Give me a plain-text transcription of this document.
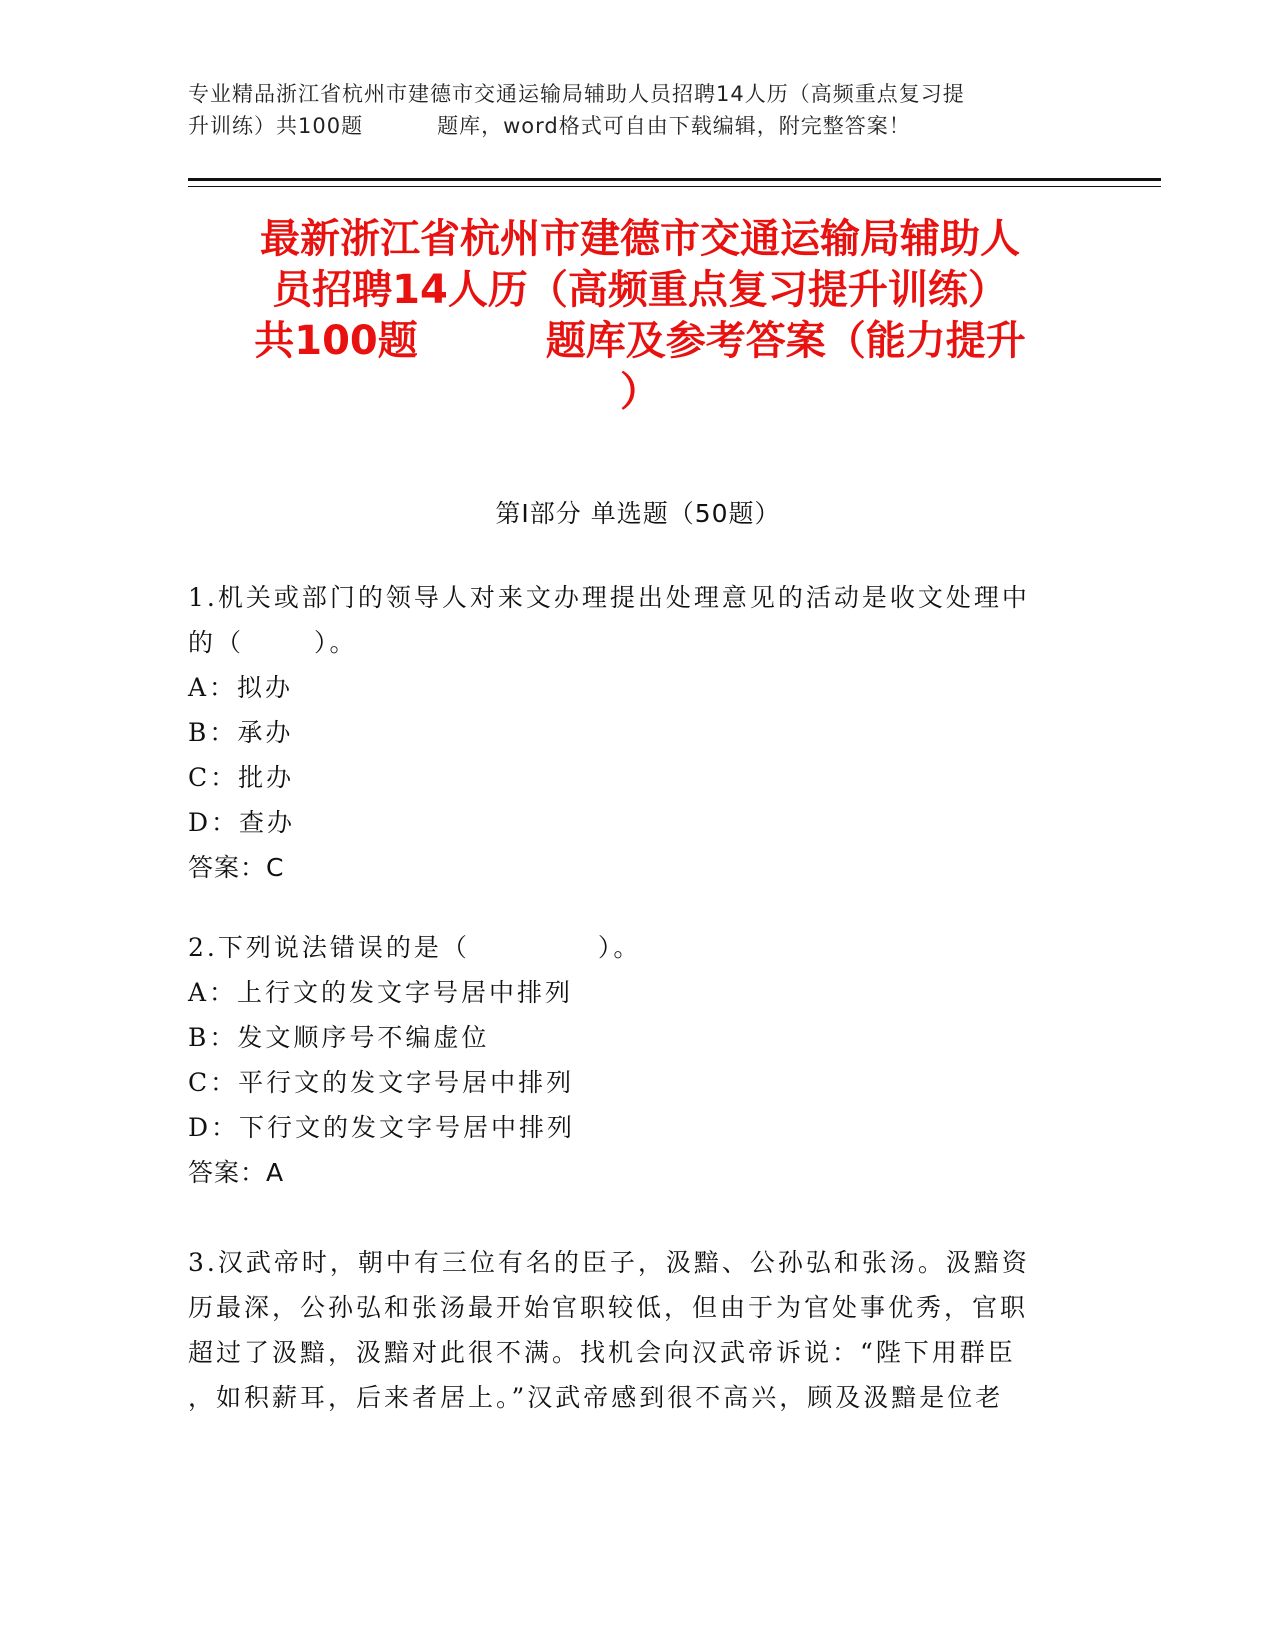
专业精品浙江省杭州市建德市交通运输局辅助人员招聘14人历（高频重点复习提
升训练）共100题	题库，word格式可自由下载编辑，附完整答案！
最新浙江省杭州市建德市交通运输局辅助人
员招聘14人历（高频重点复习提升训练）
共100题	题库及参考答案（能力提升
）
第Ⅰ部分 单选题（50题）
1.机关或部门的领导人对来文办理提出处理意见的活动是收文处理中
的（	）。
A：拟办
B：承办
C：批办
D：查办
答案：C
2.下列说法错误的是（	）。
A：上行文的发文字号居中排列
B：发文顺序号不编虚位
C：平行文的发文字号居中排列
D：下行文的发文字号居中排列
答案：A
3.汉武帝时，朝中有三位有名的臣子，汲黯、公孙弘和张汤。汲黯资
历最深，公孙弘和张汤最开始官职较低，但由于为官处事优秀，官职
超过了汲黯，汲黯对此很不满。找机会向汉武帝诉说：“陛下用群臣
，如积薪耳，后来者居上。”汉武帝感到很不高兴，顾及汲黯是位老
